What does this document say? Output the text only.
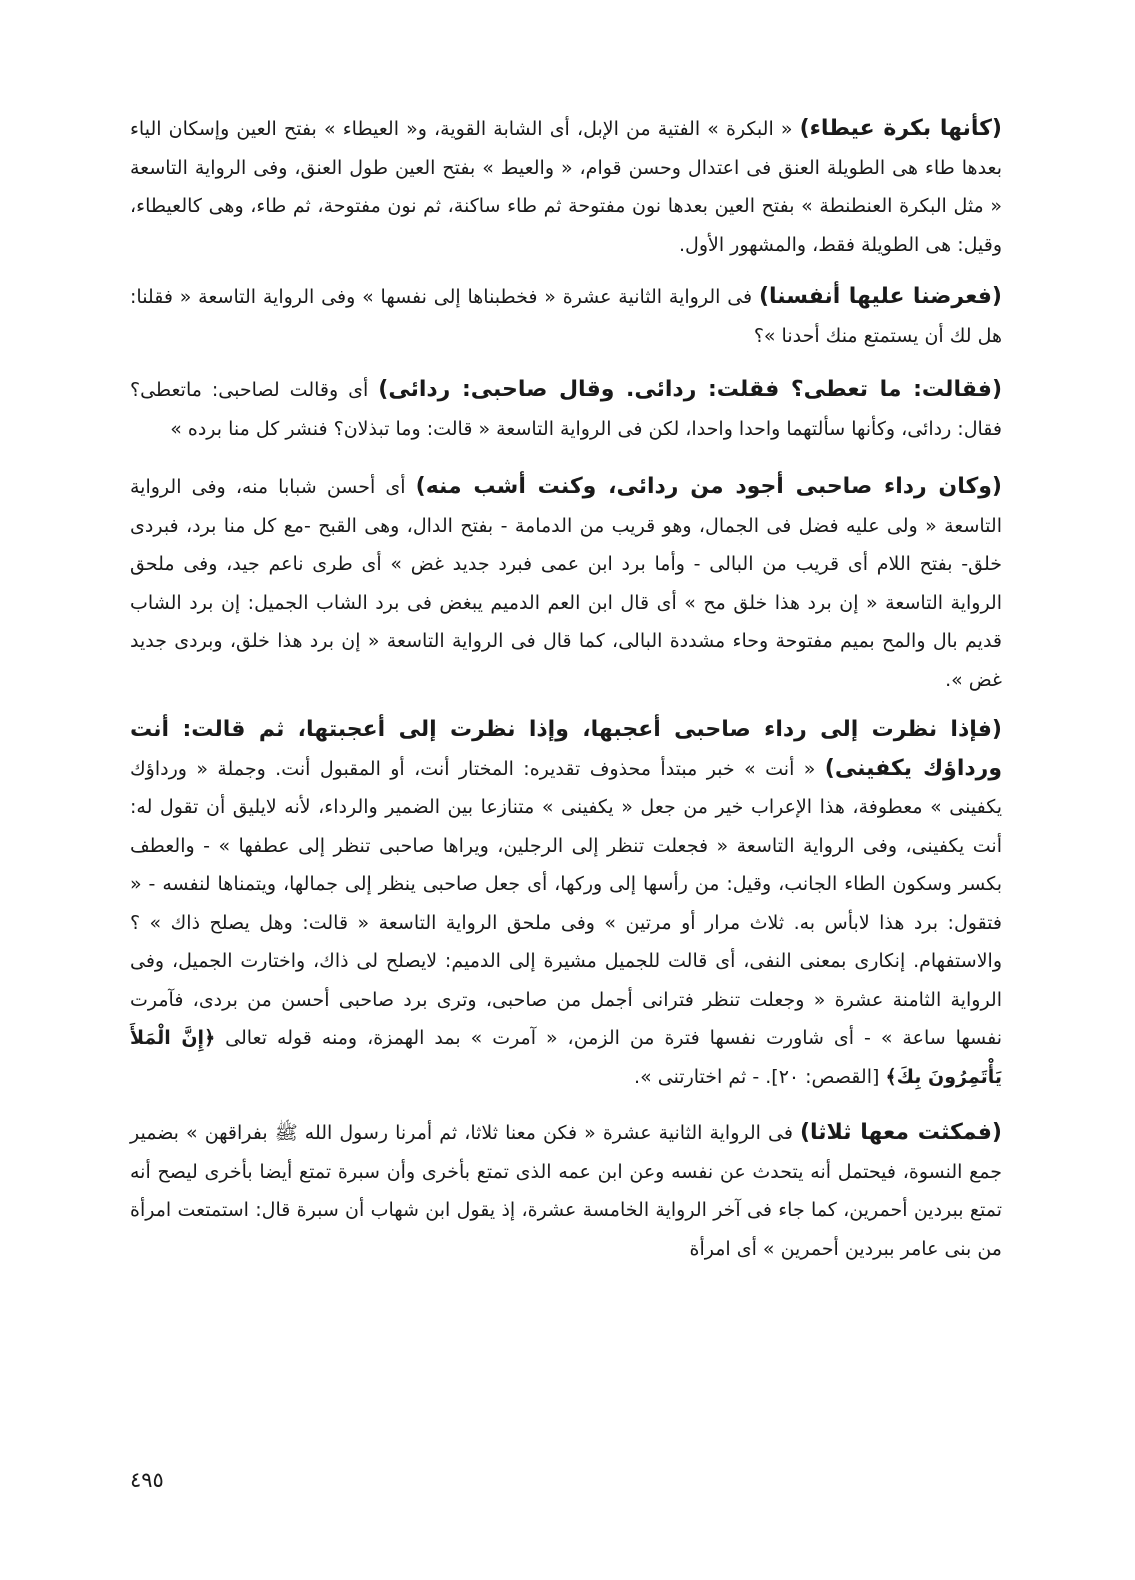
(كأنها بكرة عيطاء) « البكرة » الفتية من الإبل، أى الشابة القوية، و« العيطاء » بفتح العين وإسكان الياء بعدها طاء هى الطويلة العنق فى اعتدال وحسن قوام، « والعيط » بفتح العين طول العنق، وفى الرواية التاسعة « مثل البكرة العنطنطة » بفتح العين بعدها نون مفتوحة ثم طاء ساكنة، ثم نون مفتوحة، ثم طاء، وهى كالعيطاء، وقيل: هى الطويلة فقط، والمشهور الأول.

(فعرضنا عليها أنفسنا) فى الرواية الثانية عشرة « فخطبناها إلى نفسها » وفى الرواية التاسعة « فقلنا: هل لك أن يستمتع منك أحدنا »؟

(فقالت: ما تعطى؟ فقلت: ردائى. وقال صاحبى: ردائى) أى وقالت لصاحبى: ماتعطى؟ فقال: ردائى، وكأنها سألتهما واحدا واحدا، لكن فى الرواية التاسعة « قالت: وما تبذلان؟ فنشر كل منا برده »

(وكان رداء صاحبى أجود من ردائى، وكنت أشب منه) أى أحسن شبابا منه، وفى الرواية التاسعة « ولى عليه فضل فى الجمال، وهو قريب من الدمامة - بفتح الدال، وهى القبح -مع كل منا برد، فبردى خلق- بفتح اللام أى قريب من البالى - وأما برد ابن عمى فبرد جديد غض » أى طرى ناعم جيد، وفى ملحق الرواية التاسعة « إن برد هذا خلق مح » أى قال ابن العم الدميم يبغض فى برد الشاب الجميل: إن برد الشاب قديم بال والمح بميم مفتوحة وحاء مشددة البالى، كما قال فى الرواية التاسعة « إن برد هذا خلق، وبردى جديد غض ».

(فإذا نظرت إلى رداء صاحبى أعجبها، وإذا نظرت إلى أعجبتها، ثم قالت: أنت ورداؤك يكفينى) « أنت » خبر مبتدأ محذوف تقديره: المختار أنت، أو المقبول أنت. وجملة « ورداؤك يكفينى » معطوفة، هذا الإعراب خير من جعل « يكفينى » متنازعا بين الضمير والرداء، لأنه لايليق أن تقول له: أنت يكفينى، وفى الرواية التاسعة « فجعلت تنظر إلى الرجلين، ويراها صاحبى تنظر إلى عطفها » - والعطف بكسر وسكون الطاء الجانب، وقيل: من رأسها إلى وركها، أى جعل صاحبى ينظر إلى جمالها، ويتمناها لنفسه - « فتقول: برد هذا لابأس به. ثلاث مرار أو مرتين » وفى ملحق الرواية التاسعة « قالت: وهل يصلح ذاك » ؟ والاستفهام. إنكارى بمعنى النفى، أى قالت للجميل مشيرة إلى الدميم: لايصلح لى ذاك، واختارت الجميل، وفى الرواية الثامنة عشرة « وجعلت تنظر فترانى أجمل من صاحبى، وترى برد صاحبى أحسن من بردى، فآمرت نفسها ساعة » - أى شاورت نفسها فترة من الزمن، « آمرت » بمد الهمزة، ومنه قوله تعالى ﴿إِنَّ الْمَلأَ يَأْتَمِرُونَ بِكَ﴾ [القصص: ٢٠]. - ثم اختارتنى ».

(فمكثت معها ثلاثا) فى الرواية الثانية عشرة « فكن معنا ثلاثا، ثم أمرنا رسول الله ﷺ بفراقهن » بضمير جمع النسوة، فيحتمل أنه يتحدث عن نفسه وعن ابن عمه الذى تمتع بأخرى وأن سبرة تمتع أيضا بأخرى ليصح أنه تمتع ببردين أحمرين، كما جاء فى آخر الرواية الخامسة عشرة، إذ يقول ابن شهاب أن سبرة قال: استمتعت امرأة من بنى عامر ببردين أحمرين » أى امرأة

٤٩٥
